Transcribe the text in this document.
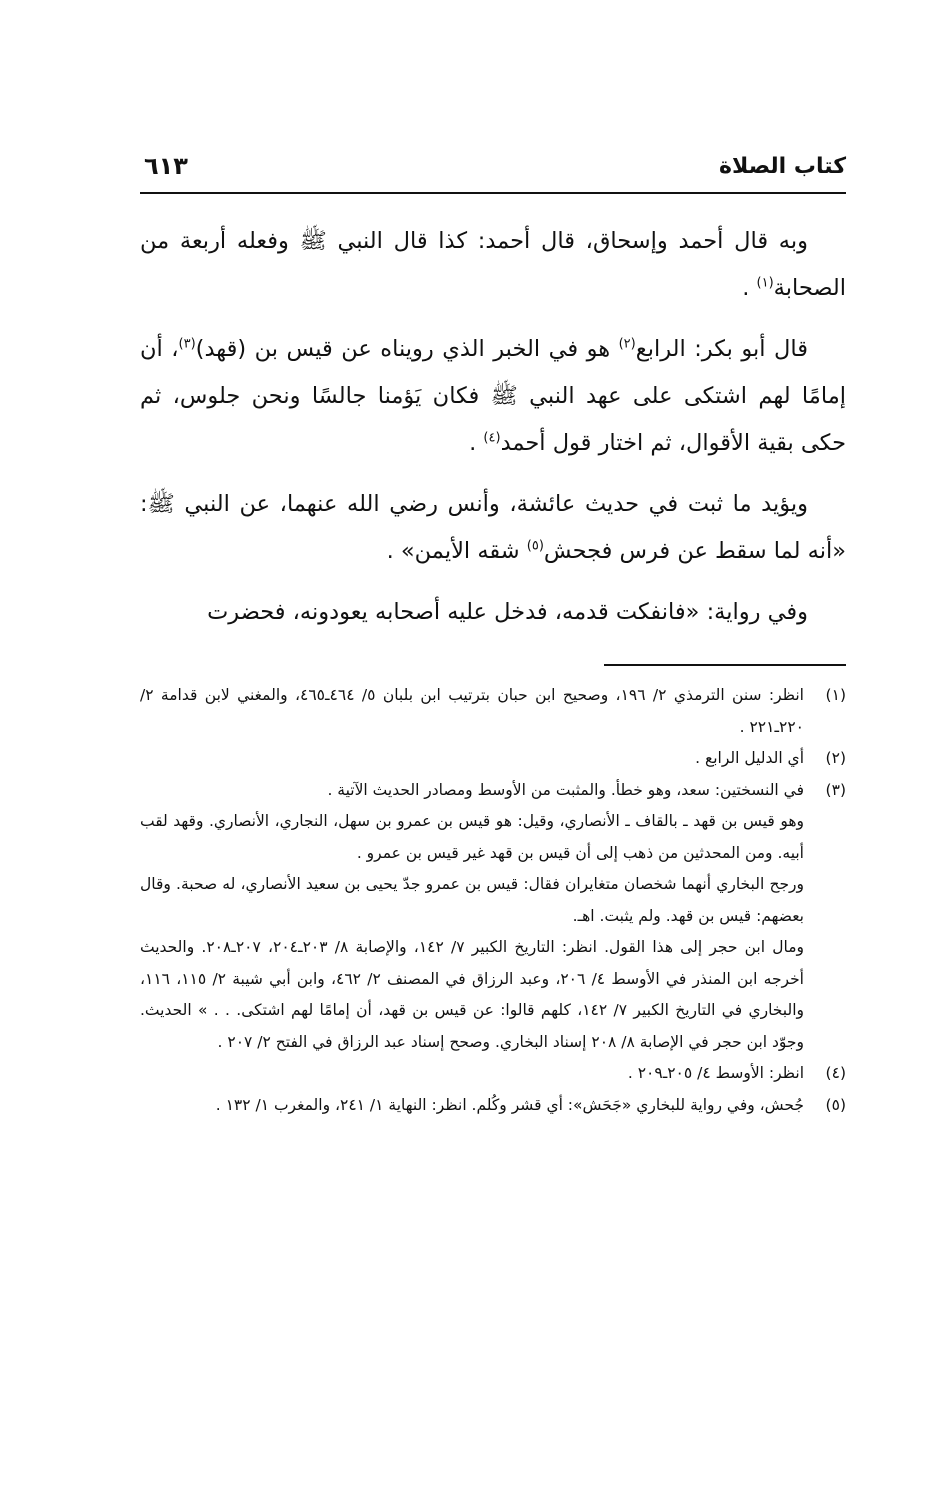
كتاب الصلاة
٦١٣

وبه قال أحمد وإسحاق، قال أحمد: كذا قال النبي ﷺ وفعله أربعة من الصحابة$^{(١)}$ .

قال أبو بكر: الرابع$^{(٢)}$ هو في الخبر الذي رويناه عن قيس بن (قهد)$^{(٣)}$، أن إمامًا لهم اشتكى على عهد النبي ﷺ فكان يَؤمنا جالسًا ونحن جلوس، ثم حكى بقية الأقوال، ثم اختار قول أحمد$^{(٤)}$ .

ويؤيد ما ثبت في حديث عائشة، وأنس رضي الله عنهما، عن النبي ﷺ: «أنه لما سقط عن فرس فجحش$^{(٥)}$ شقه الأيمن» .

وفي رواية: «فانفكت قدمه، فدخل عليه أصحابه يعودونه، فحضرت

(١)
انظر: سنن الترمذي ٢/ ١٩٦، وصحيح ابن حبان بترتيب ابن بلبان ٥/ ٤٦٤ـ٤٦٥، والمغني لابن قدامة ٢/ ٢٢٠ـ٢٢١ .
(٢)
أي الدليل الرابع .
(٣)
في النسختين: سعد، وهو خطأ. والمثبت من الأوسط ومصادر الحديث الآتية .
وهو قيس بن قهد ـ بالقاف ـ الأنصاري، وقيل: هو قيس بن عمرو بن سهل، النجاري، الأنصاري. وقهد لقب أبيه. ومن المحدثين من ذهب إلى أن قيس بن قهد غير قيس بن عمرو .
ورجح البخاري أنهما شخصان متغايران فقال: قيس بن عمرو جدّ يحيى بن سعيد الأنصاري، له صحبة. وقال بعضهم: قيس بن قهد. ولم يثبت. اهـ.
ومال ابن حجر إلى هذا القول. انظر: التاريخ الكبير ٧/ ١٤٢، والإصابة ٨/ ٢٠٣ـ٢٠٤، ٢٠٧ـ٢٠٨. والحديث أخرجه ابن المنذر في الأوسط ٤/ ٢٠٦، وعبد الرزاق في المصنف ٢/ ٤٦٢، وابن أبي شيبة ٢/ ١١٥، ١١٦، والبخاري في التاريخ الكبير ٧/ ١٤٢، كلهم قالوا: عن قيس بن قهد، أن إمامًا لهم اشتكى. . . » الحديث. وجوّد ابن حجر في الإصابة ٨/ ٢٠٨ إسناد البخاري. وصحح إسناد عبد الرزاق في الفتح ٢/ ٢٠٧ .
(٤)
انظر: الأوسط ٤/ ٢٠٥ـ٢٠٩ .
(٥)
جُحش، وفي رواية للبخاري «جَحَش»: أي قشر وكُلم. انظر: النهاية ١/ ٢٤١، والمغرب ١/ ١٣٢ .
